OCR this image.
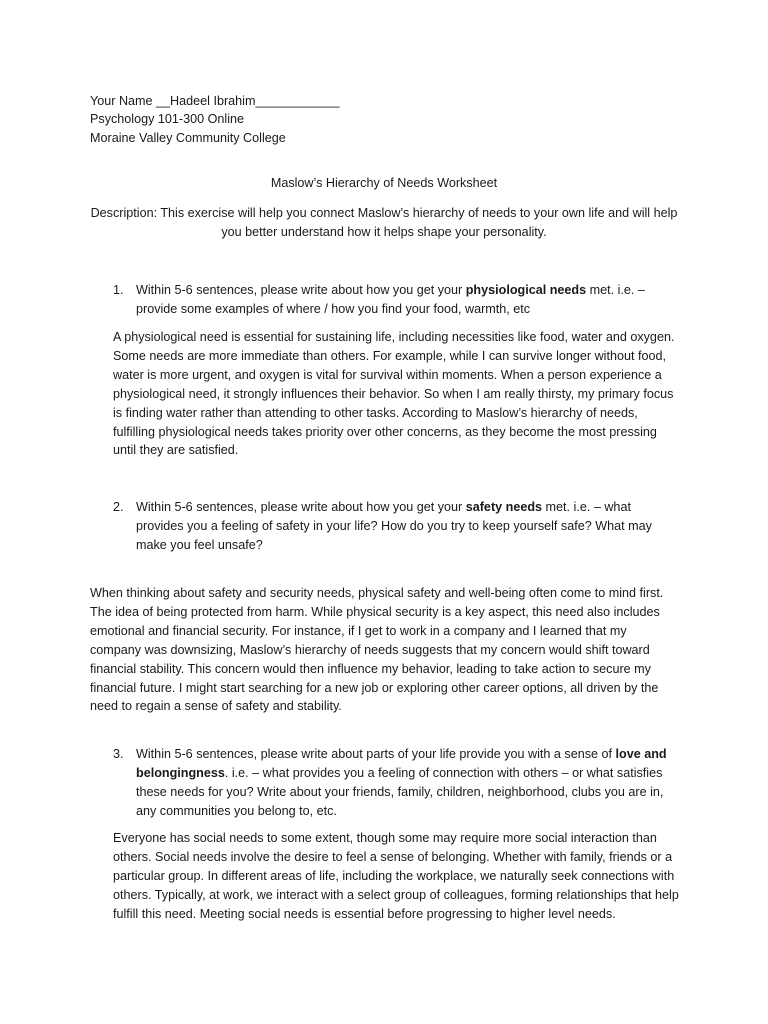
Your Name __Hadeel Ibrahim____________
Psychology 101-300 Online
Moraine Valley Community College
Maslow’s Hierarchy of Needs Worksheet
Description: This exercise will help you connect Maslow’s hierarchy of needs to your own life and will help you better understand how it helps shape your personality.
1. Within 5-6 sentences, please write about how you get your physiological needs met. i.e. – provide some examples of where / how you find your food, warmth, etc
A physiological need is essential for sustaining life, including necessities like food, water and oxygen. Some needs are more immediate than others. For example, while I can survive longer without food, water is more urgent, and oxygen is vital for survival within moments. When a person experience a physiological need, it strongly influences their behavior. So when I am really thirsty, my primary focus is finding water rather than attending to other tasks. According to Maslow’s hierarchy of needs, fulfilling physiological needs takes priority over other concerns, as they become the most pressing until they are satisfied.
2. Within 5-6 sentences, please write about how you get your safety needs met. i.e. – what provides you a feeling of safety in your life? How do you try to keep yourself safe? What may make you feel unsafe?
When thinking about safety and security needs, physical safety and well-being often come to mind first. The idea of being protected from harm. While physical security is a key aspect, this need also includes emotional and financial security. For instance, if I get to work in a company and I learned that my company was downsizing, Maslow’s hierarchy of needs suggests that my concern would shift toward financial stability. This concern would then influence my behavior, leading to take action to secure my financial future. I might start searching for a new job or exploring other career options, all driven by the need to regain a sense of safety and stability.
3. Within 5-6 sentences, please write about parts of your life provide you with a sense of love and belongingness. i.e. – what provides you a feeling of connection with others – or what satisfies these needs for you? Write about your friends, family, children, neighborhood, clubs you are in, any communities you belong to, etc.
Everyone has social needs to some extent, though some may require more social interaction than others. Social needs involve the desire to feel a sense of belonging. Whether with family, friends or a particular group. In different areas of life, including the workplace, we naturally seek connections with others. Typically, at work, we interact with a select group of colleagues, forming relationships that help fulfill this need. Meeting social needs is essential before progressing to higher level needs.
